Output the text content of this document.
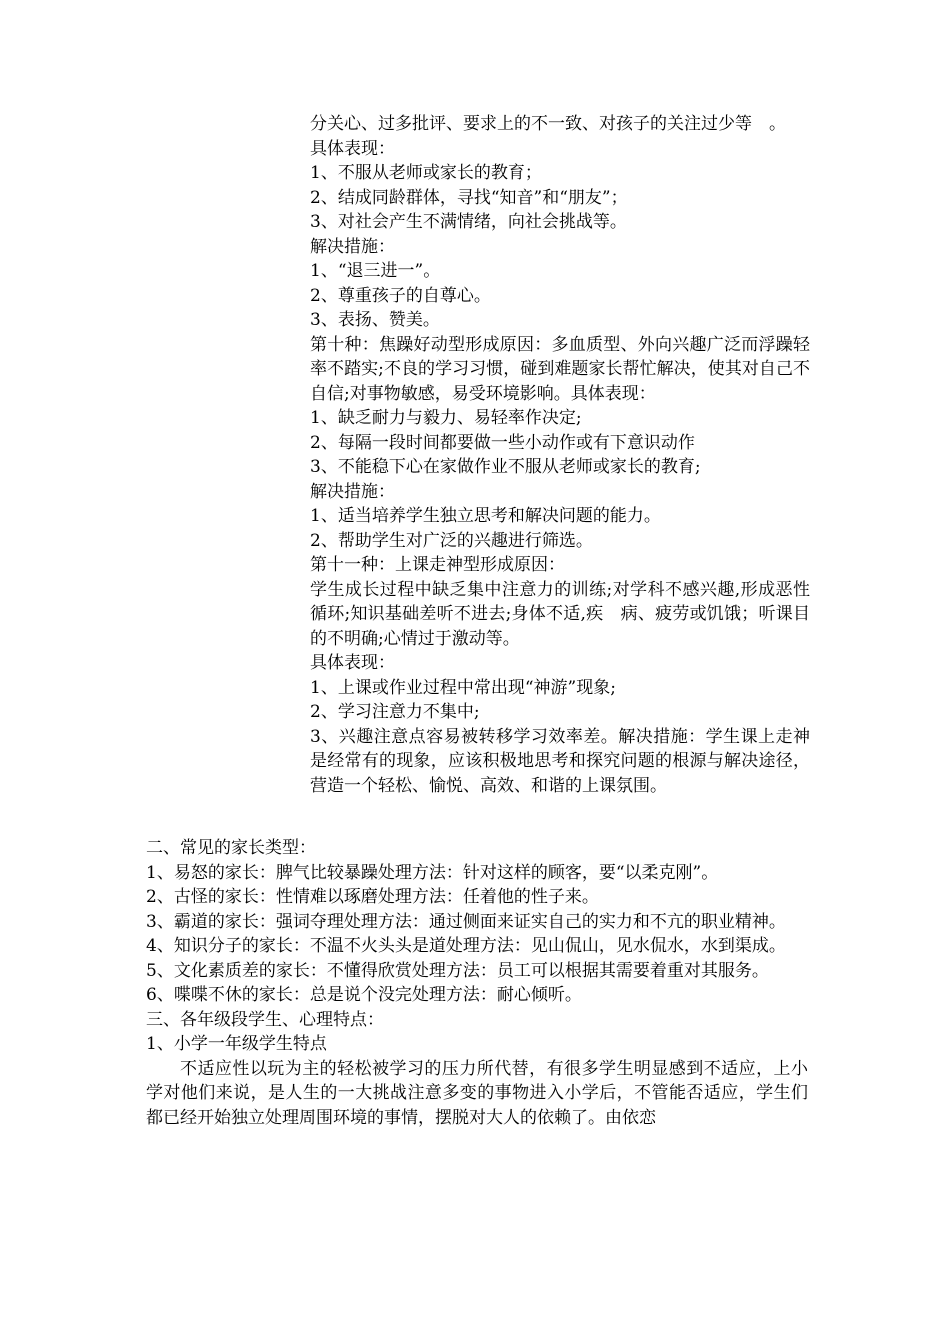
分关心、过多批评、要求上的不一致、对孩子的关注过少等　。
具体表现：
1、不服从老师或家长的教育；
2、结成同龄群体，寻找“知音”和“朋友”；
3、对社会产生不满情绪，向社会挑战等。
解决措施：
1、“退三进一”。
2、尊重孩子的自尊心。
3、表扬、赞美。
第十种：焦躁好动型形成原因：多血质型、外向兴趣广泛而浮躁轻率不踏实;不良的学习习惯，碰到难题家长帮忙解决，使其对自己不自信;对事物敏感，易受环境影响。具体表现：
1、缺乏耐力与毅力、易轻率作决定;
2、每隔一段时间都要做一些小动作或有下意识动作
3、不能稳下心在家做作业不服从老师或家长的教育;
解决措施：
1、适当培养学生独立思考和解决问题的能力。
2、帮助学生对广泛的兴趣进行筛选。
第十一种：上课走神型形成原因：
学生成长过程中缺乏集中注意力的训练;对学科不感兴趣,形成恶性循环;知识基础差听不进去;身体不适,疾　病、疲劳或饥饿；听课目的不明确;心情过于激动等。
具体表现：
1、上课或作业过程中常出现“神游”现象;
2、学习注意力不集中;
3、兴趣注意点容易被转移学习效率差。解决措施：学生课上走神是经常有的现象，应该积极地思考和探究问题的根源与解决途径，营造一个轻松、愉悦、高效、和谐的上课氛围。
二、常见的家长类型：
1、易怒的家长：脾气比较暴躁处理方法：针对这样的顾客，要“以柔克刚”。
2、古怪的家长：性情难以琢磨处理方法：任着他的性子来。
3、霸道的家长：强词夺理处理方法：通过侧面来证实自己的实力和不亢的职业精神。
4、知识分子的家长：不温不火头头是道处理方法：见山侃山，见水侃水，水到渠成。
5、文化素质差的家长：不懂得欣赏处理方法：员工可以根据其需要着重对其服务。
6、喋喋不休的家长：总是说个没完处理方法：耐心倾听。
三、各年级段学生、心理特点：
1、小学一年级学生特点
不适应性以玩为主的轻松被学习的压力所代替，有很多学生明显感到不适应，上小学对他们来说，是人生的一大挑战注意多变的事物进入小学后，不管能否适应，学生们都已经开始独立处理周围环境的事情，摆脱对大人的依赖了。由依恋
